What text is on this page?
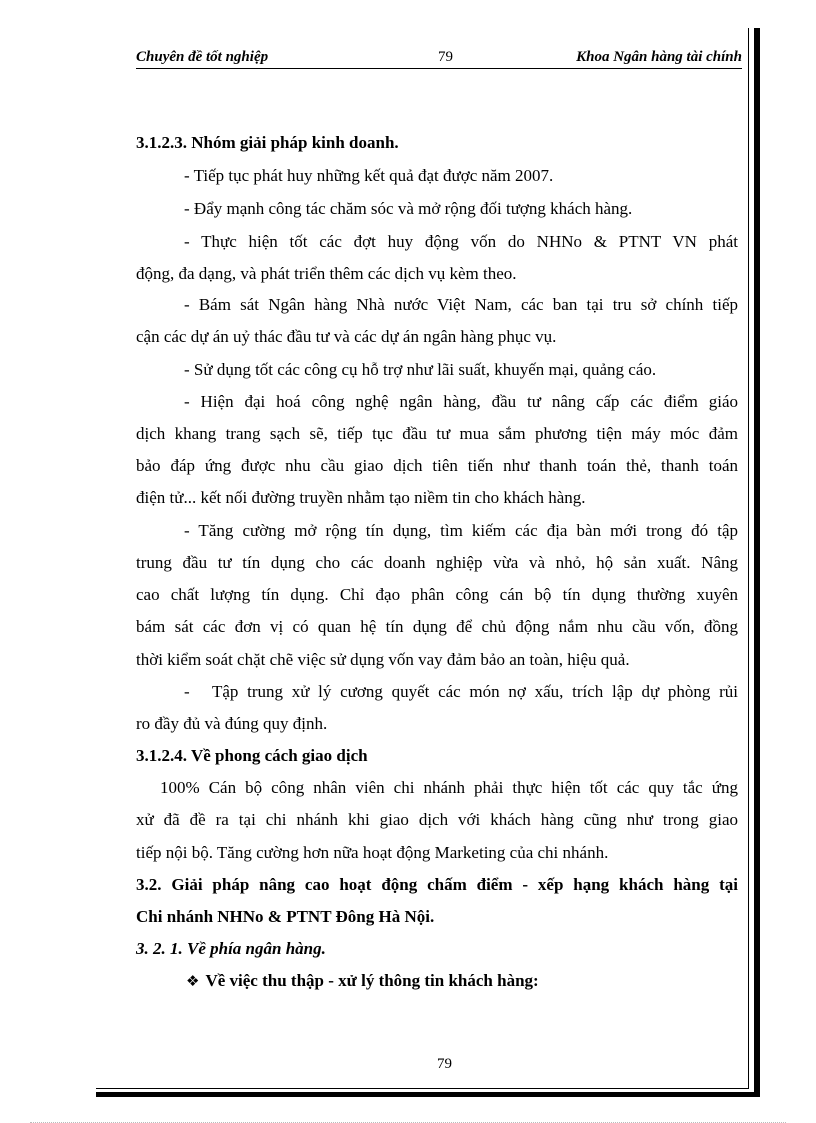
Chuyên đề tốt nghiệp	79	Khoa Ngân hàng tài chính
3.1.2.3. Nhóm giải pháp kinh doanh.
- Tiếp tục phát huy những kết quả đạt được năm 2007.
- Đẩy mạnh công tác chăm sóc và mở rộng đối tượng khách hàng.
- Thực hiện tốt các đợt huy động vốn do NHNo & PTNT VN phát
động, đa dạng, và phát triển thêm các dịch vụ kèm theo.
- Bám sát Ngân hàng Nhà nước Việt Nam, các ban tại tru sở chính tiếp
cận các dự án uỷ thác đầu tư và các dự án ngân hàng phục vụ.
- Sử dụng tốt các công cụ hỗ trợ như lãi suất, khuyến mại, quảng cáo.
- Hiện đại hoá công nghệ ngân hàng, đầu tư nâng cấp các điểm giáo
dịch khang trang sạch sẽ, tiếp tục đầu tư mua sắm phương tiện máy móc đảm
bảo đáp ứng được nhu cầu giao dịch tiên tiến như thanh toán thẻ, thanh toán
điện tử... kết nối đường truyền nhằm tạo niềm tin cho khách hàng.
- Tăng cường mở rộng tín dụng, tìm kiếm các địa bàn mới trong đó tập
trung đầu tư tín dụng cho các doanh nghiệp vừa và nhỏ, hộ sản xuất. Nâng
cao chất lượng tín dụng. Chỉ đạo phân công cán bộ tín dụng thường xuyên
bám sát các đơn vị có quan hệ tín dụng để chủ động nắm nhu cầu vốn, đồng
thời kiểm soát chặt chẽ việc sử dụng vốn vay đảm bảo an toàn, hiệu quả.
- Tập trung xử lý cương quyết các món nợ xấu, trích lập dự phòng rủi
ro đầy đủ và đúng quy định.
3.1.2.4. Về phong cách giao dịch
100% Cán bộ công nhân viên chi nhánh phải thực hiện tốt các quy tắc ứng
xử đã đề ra tại chi nhánh khi giao dịch với khách hàng cũng như trong giao
tiếp nội bộ. Tăng cường hơn nữa hoạt động Marketing của chi nhánh.
3.2. Giải pháp nâng cao hoạt động chấm điểm - xếp hạng khách hàng tại
Chi nhánh NHNo & PTNT Đông Hà Nội.
3. 2. 1. Về phía ngân hàng.
❖ Về việc thu thập - xử lý thông tin khách hàng:
79
